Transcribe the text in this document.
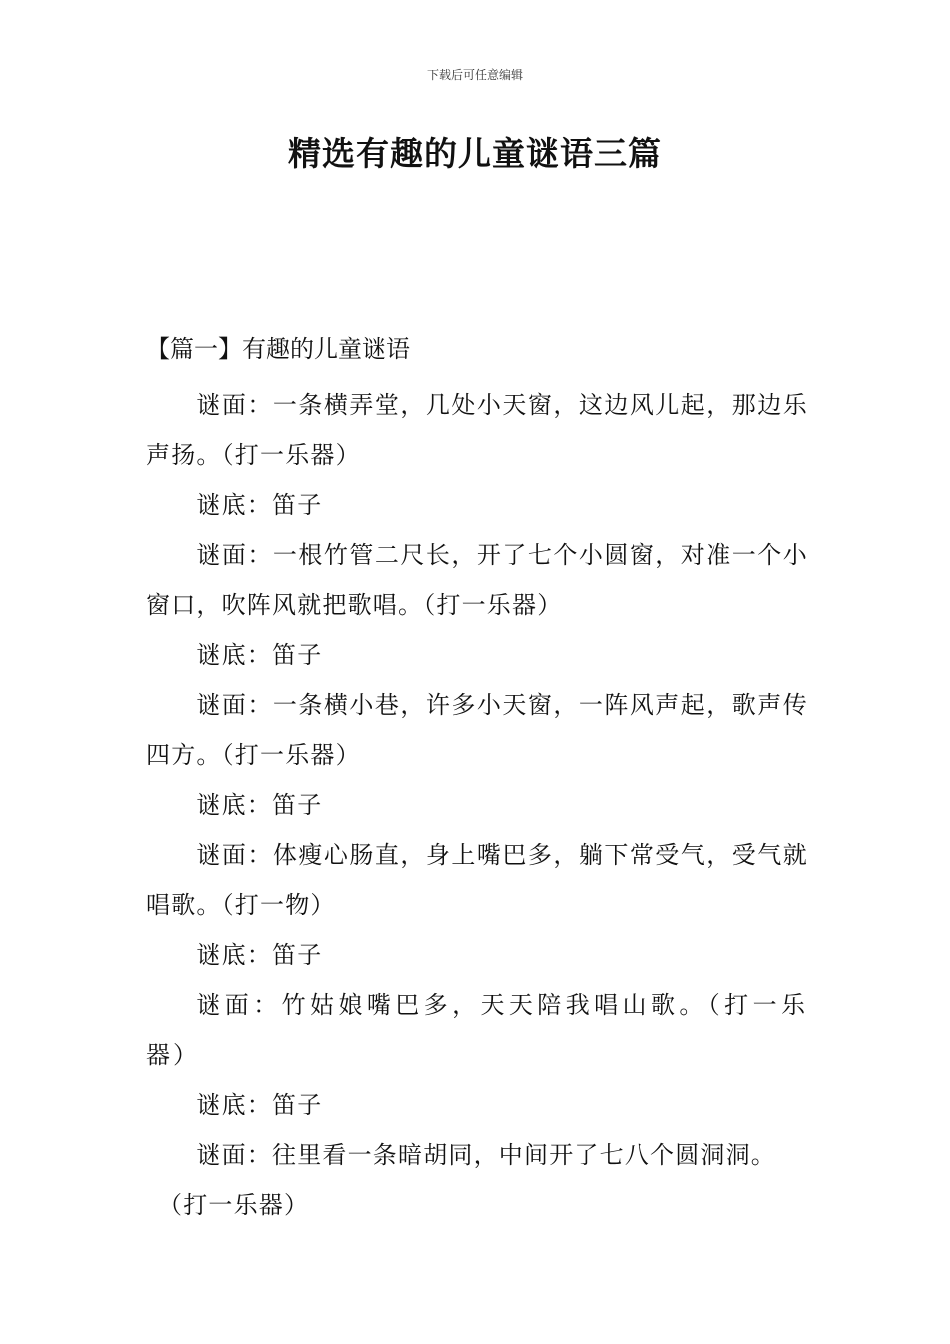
下载后可任意编辑
精选有趣的儿童谜语三篇
【篇一】有趣的儿童谜语

谜面：一条横弄堂，几处小天窗，这边风儿起，那边乐声扬。（打一乐器）

谜底：笛子

谜面：一根竹管二尺长，开了七个小圆窗，对准一个小窗口，吹阵风就把歌唱。（打一乐器）

谜底：笛子

谜面：一条横小巷，许多小天窗，一阵风声起，歌声传四方。（打一乐器）

谜底：笛子

谜面：体瘦心肠直，身上嘴巴多，躺下常受气，受气就唱歌。（打一物）

谜底：笛子

谜面：竹姑娘嘴巴多，天天陪我唱山歌。（打一乐器）

谜底：笛子

谜面：往里看一条暗胡同，中间开了七八个圆洞洞。

（打一乐器）
